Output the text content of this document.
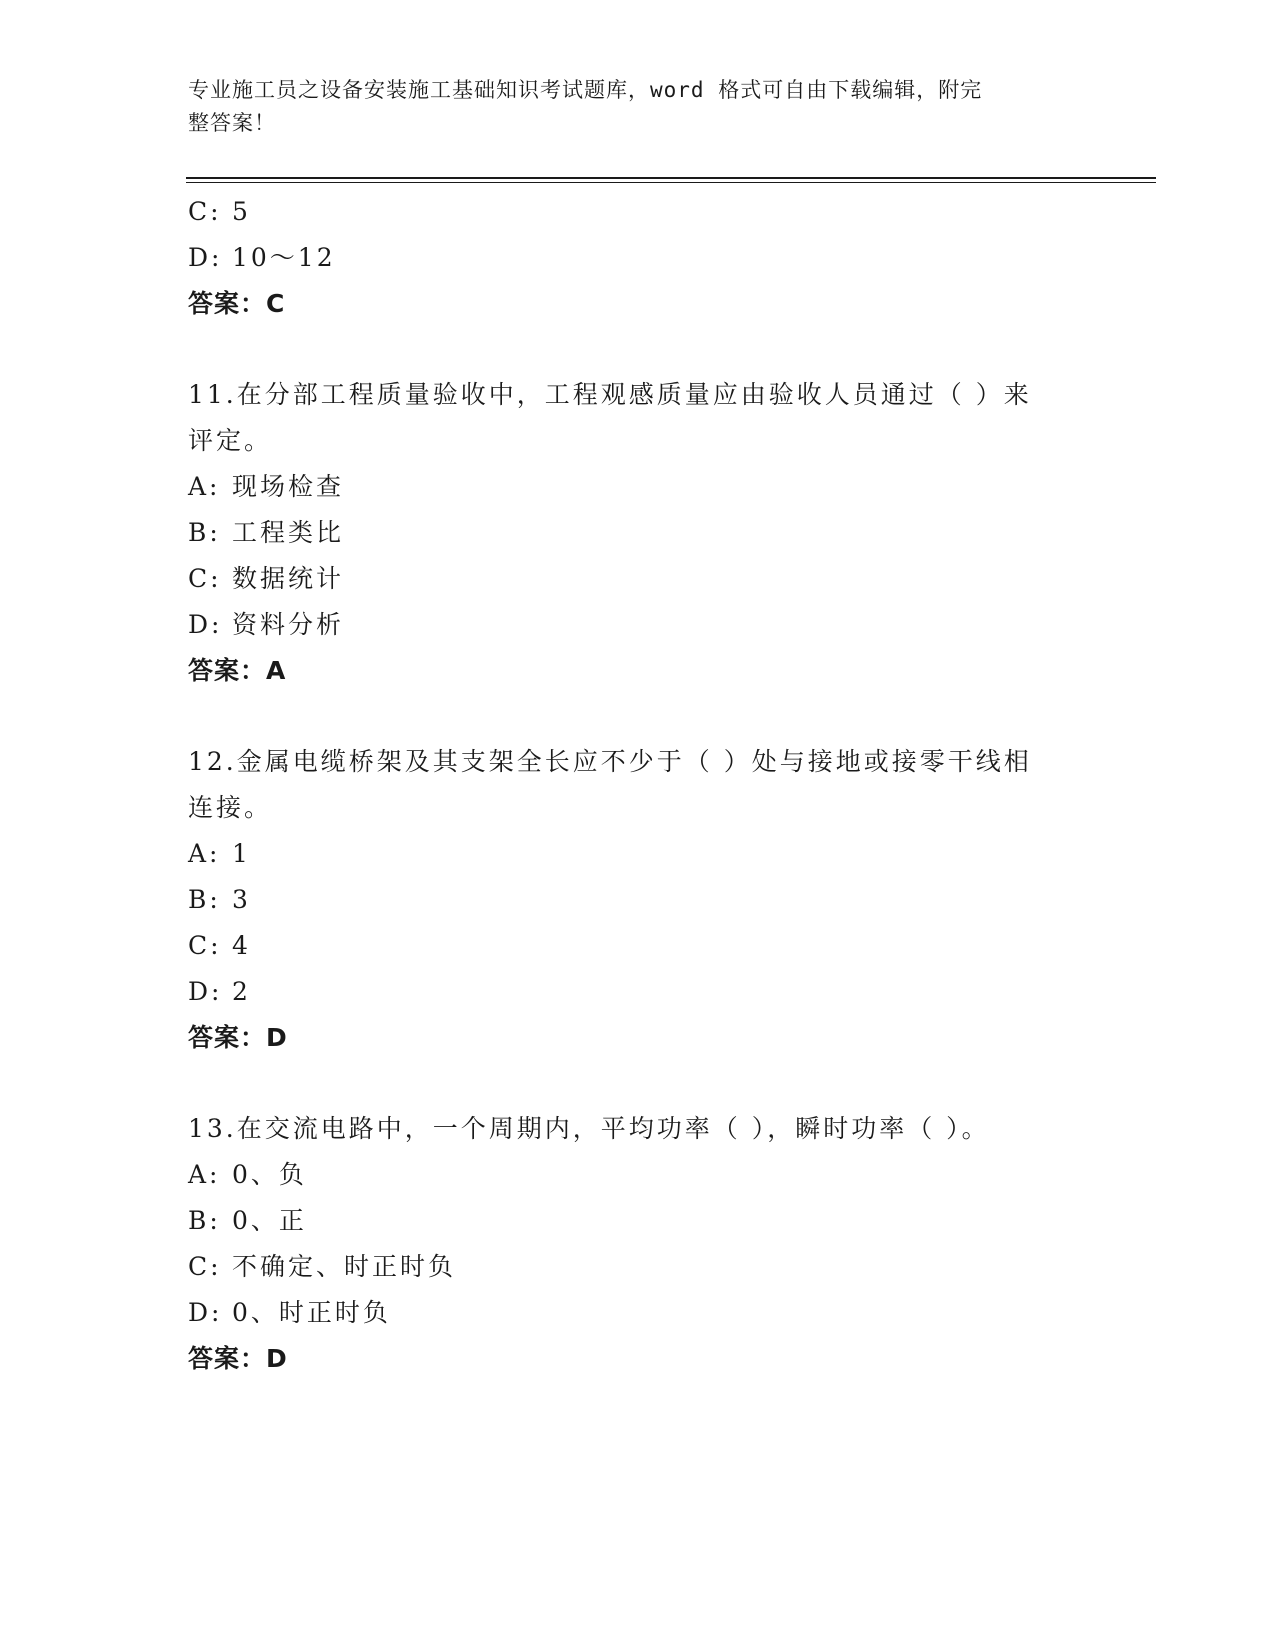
专业施工员之设备安装施工基础知识考试题库，word 格式可自由下载编辑，附完
整答案！
C: 5
D: 10～12
答案：C
11.在分部工程质量验收中，工程观感质量应由验收人员通过（ ）来
评定。
A: 现场检查
B: 工程类比
C: 数据统计
D: 资料分析
答案：A
12.金属电缆桥架及其支架全长应不少于（ ）处与接地或接零干线相
连接。
A: 1
B: 3
C: 4
D: 2
答案：D
13.在交流电路中，一个周期内，平均功率（ ），瞬时功率（ ）。
A: 0、负
B: 0、正
C: 不确定、时正时负
D: 0、时正时负
答案：D
